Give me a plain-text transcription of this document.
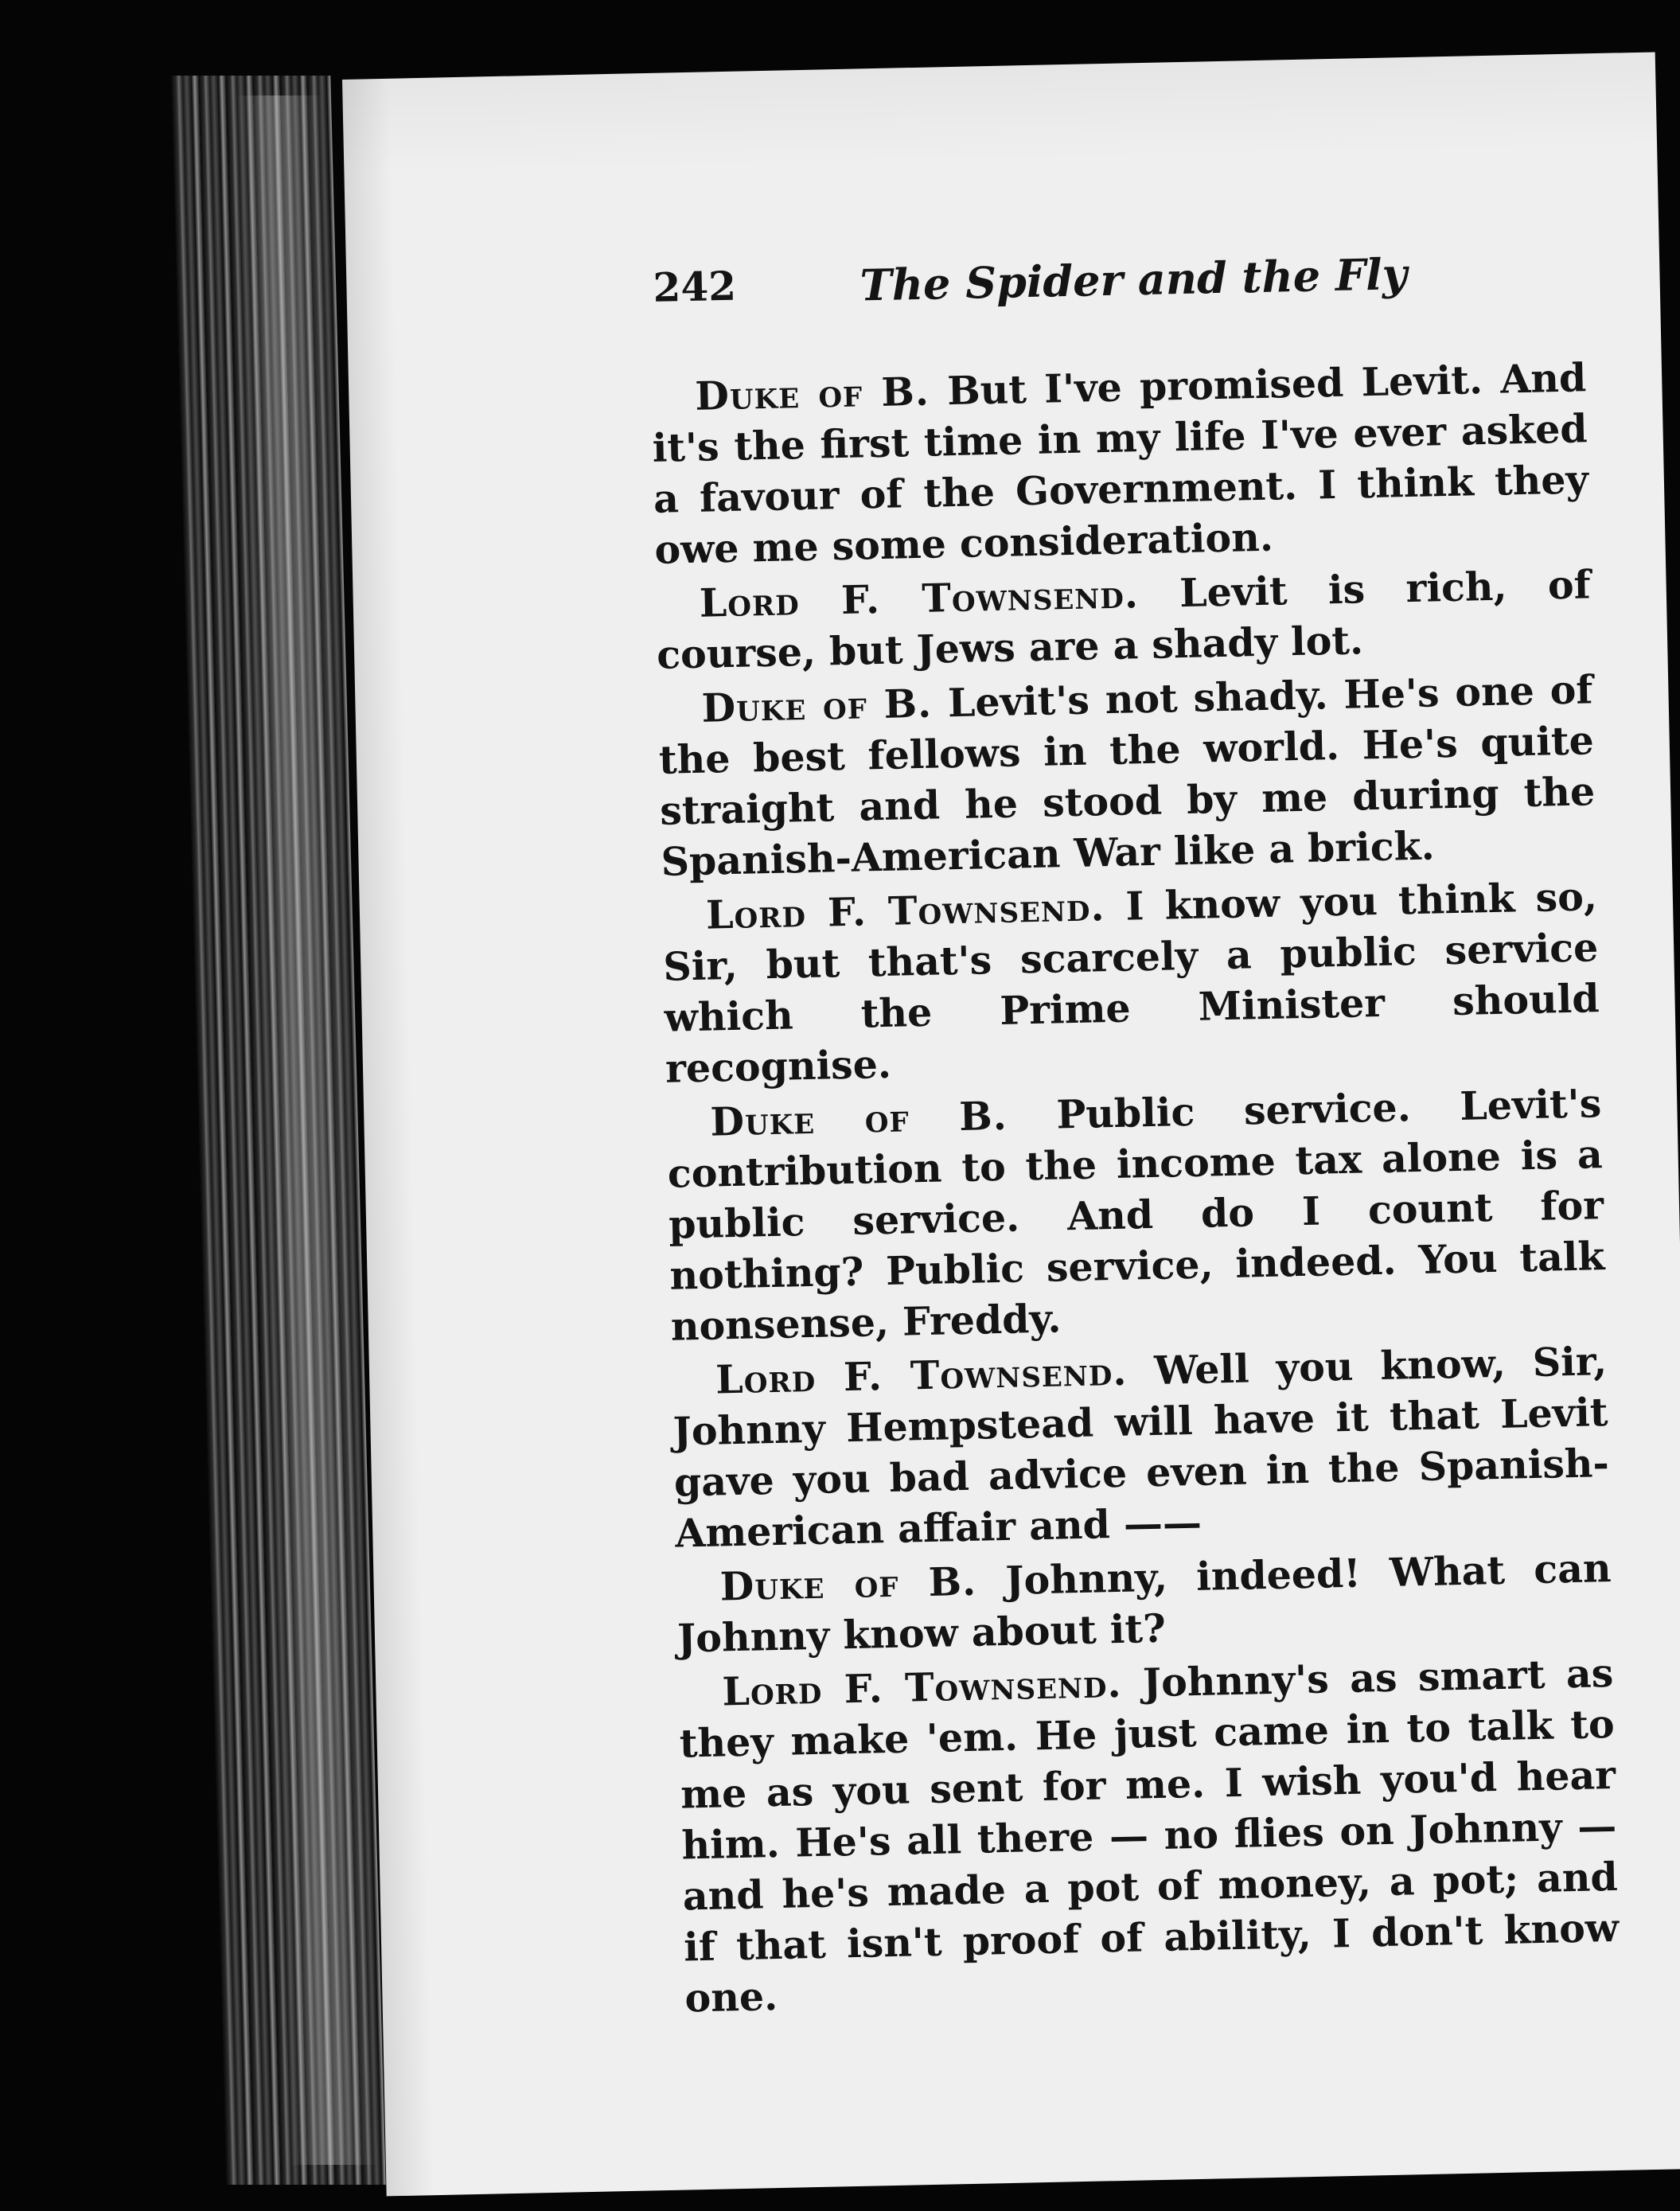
242	The Spider and the Fly

Duke of B. But I've promised Levit. And it's the first time in my life I've ever asked a favour of the Government. I think they owe me some consideration.

Lord F. Townsend. Levit is rich, of course, but Jews are a shady lot.

Duke of B. Levit's not shady. He's one of the best fellows in the world. He's quite straight and he stood by me during the Spanish-American War like a brick.

Lord F. Townsend. I know you think so, Sir, but that's scarcely a public service which the Prime Minister should recognise.

Duke of B. Public service. Levit's contribution to the income tax alone is a public service. And do I count for nothing? Public service, indeed. You talk nonsense, Freddy.

Lord F. Townsend. Well you know, Sir, Johnny Hempstead will have it that Levit gave you bad advice even in the Spanish-American affair and ——

Duke of B. Johnny, indeed! What can Johnny know about it?

Lord F. Townsend. Johnny's as smart as they make 'em. He just came in to talk to me as you sent for me. I wish you'd hear him. He's all there — no flies on Johnny — and he's made a pot of money, a pot; and if that isn't proof of ability, I don't know one.
